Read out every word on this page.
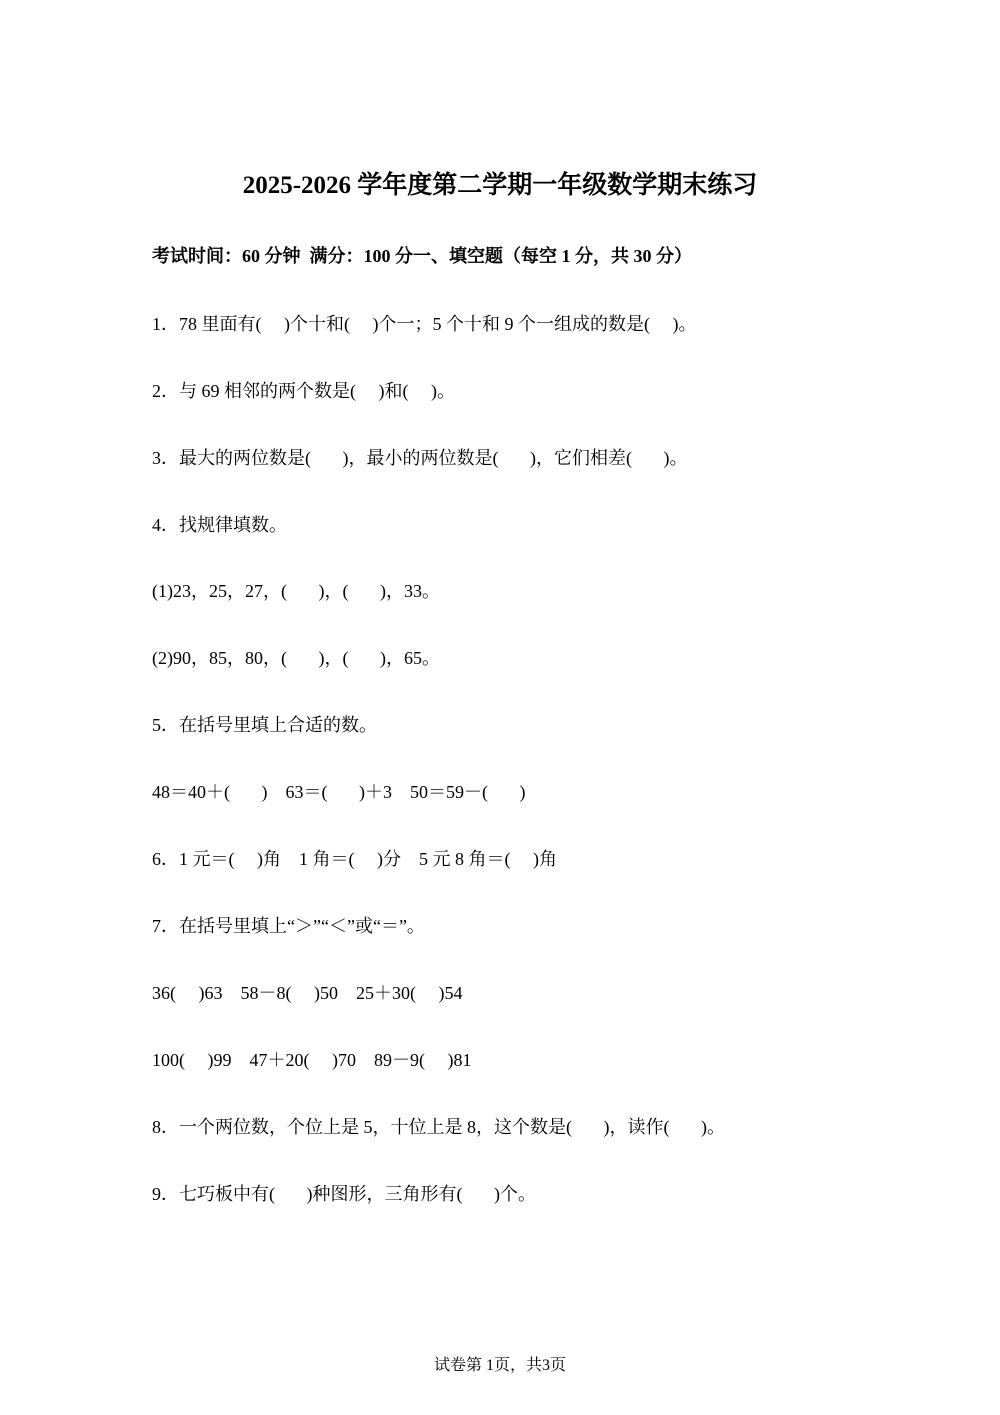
2025-2026 学年度第二学期一年级数学期末练习
考试时间：60 分钟  满分：100 分一、填空题（每空 1 分，共 30 分）
1．78 里面有(     )个十和(     )个一；5 个十和 9 个一组成的数是(     )。
2．与 69 相邻的两个数是(     )和(     )。
3．最大的两位数是(       )，最小的两位数是(       )，它们相差(       )。
4．找规律填数。
(1)23，25，27，(       )，(       )，33。
(2)90，85，80，(       )，(       )，65。
5．在括号里填上合适的数。
48＝40＋(       )    63＝(       )＋3    50＝59－(       )
6．1 元＝(     )角    1 角＝(     )分    5 元 8 角＝(     )角
7．在括号里填上“＞”“＜”或“＝”。
36(     )63    58－8(     )50    25＋30(     )54
100(     )99    47＋20(     )70    89－9(     )81
8．一个两位数，个位上是 5，十位上是 8，这个数是(       )，读作(       )。
9．七巧板中有(       )种图形，三角形有(       )个。
试卷第 1页，共3页
